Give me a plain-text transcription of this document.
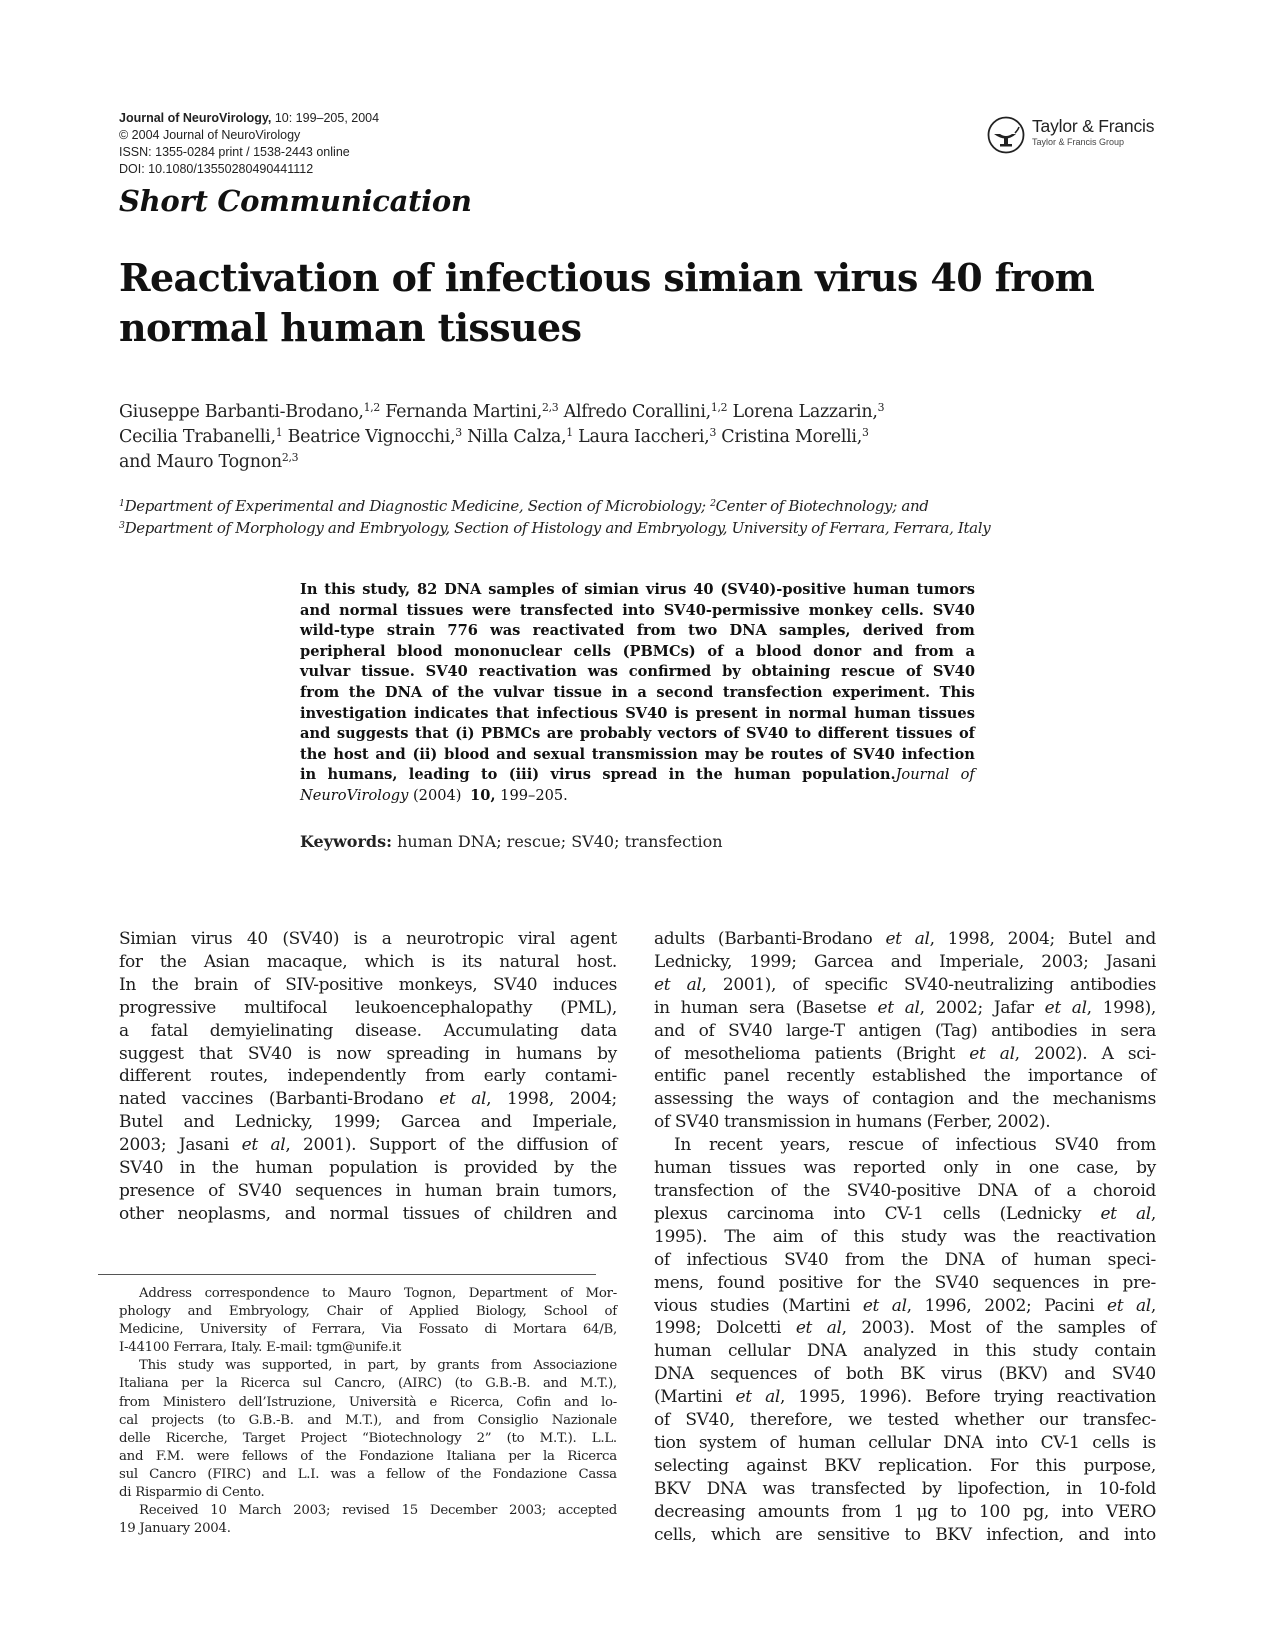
Journal of NeuroVirology, 10: 199–205, 2004
© 2004 Journal of NeuroVirology
ISSN: 1355-0284 print / 1538-2443 online
DOI: 10.1080/13550280490441112
Taylor & Francis
Taylor & Francis Group
Short Communication
Reactivation of infectious simian virus 40 from
normal human tissues
Giuseppe Barbanti-Brodano,$^{1,2}$ Fernanda Martini,$^{2,3}$ Alfredo Corallini,$^{1,2}$ Lorena Lazzarin,$^3$
Cecilia Trabanelli,$^1$ Beatrice Vignocchi,$^3$ Nilla Calza,$^1$ Laura Iaccheri,$^3$ Cristina Morelli,$^3$
and Mauro Tognon$^{2,3}$
$^1$Department of Experimental and Diagnostic Medicine, Section of Microbiology; $^2$Center of Biotechnology; and
$^3$Department of Morphology and Embryology, Section of Histology and Embryology, University of Ferrara, Ferrara, Italy
In this study, 82 DNA samples of simian virus 40 (SV40)-positive human tumors
and normal tissues were transfected into SV40-permissive monkey cells. SV40
wild-type strain 776 was reactivated from two DNA samples, derived from
peripheral blood mononuclear cells (PBMCs) of a blood donor and from a
vulvar tissue. SV40 reactivation was confirmed by obtaining rescue of SV40
from the DNA of the vulvar tissue in a second transfection experiment. This
investigation indicates that infectious SV40 is present in normal human tissues
and suggests that (i) PBMCs are probably vectors of SV40 to different tissues of
the host and (ii) blood and sexual transmission may be routes of SV40 infection
in humans, leading to (iii) virus spread in the human population.Journal of
NeuroVirology (2004) 10, 199–205.
Keywords: human DNA; rescue; SV40; transfection
Simian virus 40 (SV40) is a neurotropic viral agent
for the Asian macaque, which is its natural host.
In the brain of SIV-positive monkeys, SV40 induces
progressive multifocal leukoencephalopathy (PML),
a fatal demyielinating disease. Accumulating data
suggest that SV40 is now spreading in humans by
different routes, independently from early contami-
nated vaccines (Barbanti-Brodano et al, 1998, 2004;
Butel and Lednicky, 1999; Garcea and Imperiale,
2003; Jasani et al, 2001). Support of the diffusion of
SV40 in the human population is provided by the
presence of SV40 sequences in human brain tumors,
other neoplasms, and normal tissues of children and
adults (Barbanti-Brodano et al, 1998, 2004; Butel and
Lednicky, 1999; Garcea and Imperiale, 2003; Jasani
et al, 2001), of specific SV40-neutralizing antibodies
in human sera (Basetse et al, 2002; Jafar et al, 1998),
and of SV40 large-T antigen (Tag) antibodies in sera
of mesothelioma patients (Bright et al, 2002). A sci-
entific panel recently established the importance of
assessing the ways of contagion and the mechanisms
of SV40 transmission in humans (Ferber, 2002).
In recent years, rescue of infectious SV40 from
human tissues was reported only in one case, by
transfection of the SV40-positive DNA of a choroid
plexus carcinoma into CV-1 cells (Lednicky et al,
1995). The aim of this study was the reactivation
of infectious SV40 from the DNA of human speci-
mens, found positive for the SV40 sequences in pre-
vious studies (Martini et al, 1996, 2002; Pacini et al,
1998; Dolcetti et al, 2003). Most of the samples of
human cellular DNA analyzed in this study contain
DNA sequences of both BK virus (BKV) and SV40
(Martini et al, 1995, 1996). Before trying reactivation
of SV40, therefore, we tested whether our transfec-
tion system of human cellular DNA into CV-1 cells is
selecting against BKV replication. For this purpose,
BKV DNA was transfected by lipofection, in 10-fold
decreasing amounts from 1 μg to 100 pg, into VERO
cells, which are sensitive to BKV infection, and into
Address correspondence to Mauro Tognon, Department of Mor-
phology and Embryology, Chair of Applied Biology, School of
Medicine, University of Ferrara, Via Fossato di Mortara 64/B,
I-44100 Ferrara, Italy. E-mail: tgm@unife.it
This study was supported, in part, by grants from Associazione
Italiana per la Ricerca sul Cancro, (AIRC) (to G.B.-B. and M.T.),
from Ministero dell’Istruzione, Università e Ricerca, Cofin and lo-
cal projects (to G.B.-B. and M.T.), and from Consiglio Nazionale
delle Ricerche, Target Project “Biotechnology 2” (to M.T.). L.L.
and F.M. were fellows of the Fondazione Italiana per la Ricerca
sul Cancro (FIRC) and L.I. was a fellow of the Fondazione Cassa
di Risparmio di Cento.
Received 10 March 2003; revised 15 December 2003; accepted
19 January 2004.
